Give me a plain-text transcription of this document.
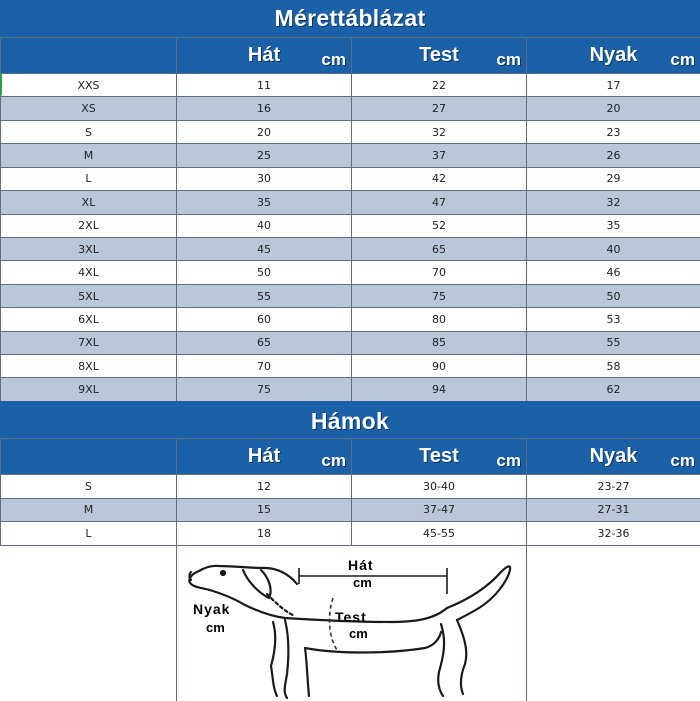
Mérettáblázat
	Hát cm	Test cm	Nyak cm

XXS	11	22	17
XS	16	27	20
S	20	32	23
M	25	37	26
L	30	42	29
XL	35	47	32
2XL	40	52	35
3XL	45	65	40
4XL	50	70	46
5XL	55	75	50
6XL	60	80	53
7XL	65	85	55
8XL	70	90	58
9XL	75	94	62
Hámok
	Hát cm	Test cm	Nyak cm

S	12	30-40	23-27
M	15	37-47	27-31
L	18	45-55	32-36
Hát
cm
Nyak
cm
Test
cm
